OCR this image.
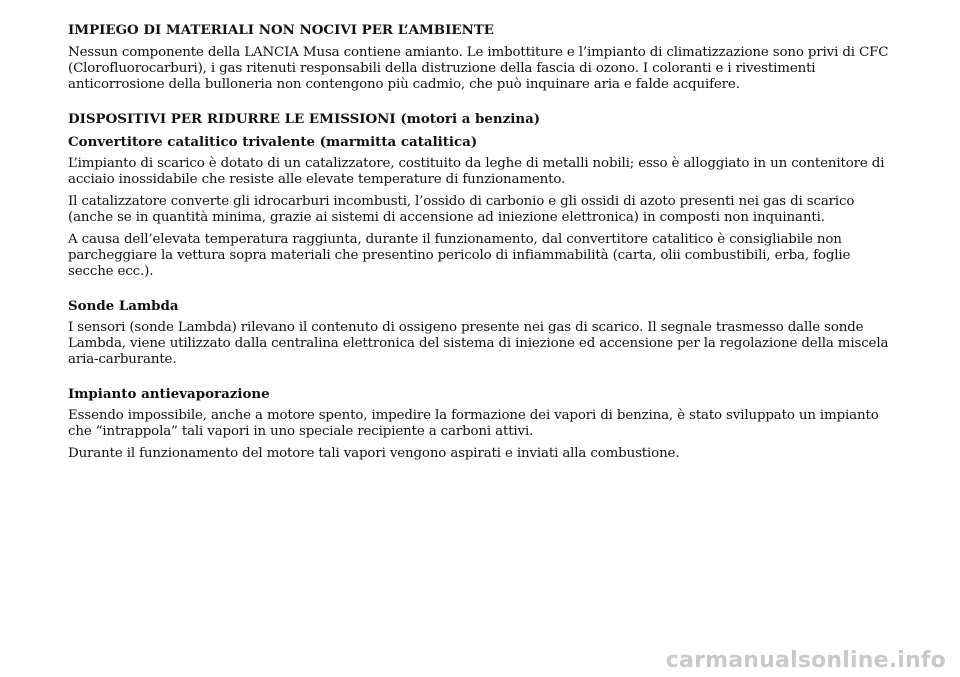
IMPIEGO DI MATERIALI NON NOCIVI PER L’AMBIENTE
Nessun componente della LANCIA Musa contiene amianto. Le imbottiture e l’impianto di climatizzazione sono privi di CFC (Clorofluorocarburi), i gas ritenuti responsabili della distruzione della fascia di ozono. I coloranti e i rivestimenti anticorrosione della bulloneria non contengono più cadmio, che può inquinare aria e falde acquifere.
DISPOSITIVI PER RIDURRE LE EMISSIONI (motori a benzina)
Convertitore catalitico trivalente (marmitta catalitica)
L’impianto di scarico è dotato di un catalizzatore, costituito da leghe di metalli nobili; esso è alloggiato in un contenitore di acciaio inossidabile che resiste alle elevate temperature di funzionamento.
Il catalizzatore converte gli idrocarburi incombusti, l’ossido di carbonio e gli ossidi di azoto presenti nei gas di scarico (anche se in quantità minima, grazie ai sistemi di accensione ad iniezione elettronica) in composti non inquinanti.
A causa dell’elevata temperatura raggiunta, durante il funzionamento, dal convertitore catalitico è consigliabile non parcheggiare la vettura sopra materiali che presentino pericolo di infiammabilità (carta, olii combustibili, erba, foglie secche ecc.).
Sonde Lambda
I sensori (sonde Lambda) rilevano il contenuto di ossigeno presente nei gas di scarico. Il segnale trasmesso dalle sonde Lambda, viene utilizzato dalla centralina elettronica del sistema di iniezione ed accensione per la regolazione della miscela aria-carburante.
Impianto antievaporazione
Essendo impossibile, anche a motore spento, impedire la formazione dei vapori di benzina, è stato sviluppato un impianto che “intrappola” tali vapori in uno speciale recipiente a carboni attivi.
Durante il funzionamento del motore tali vapori vengono aspirati e inviati alla combustione.
carmanualsonline.info
